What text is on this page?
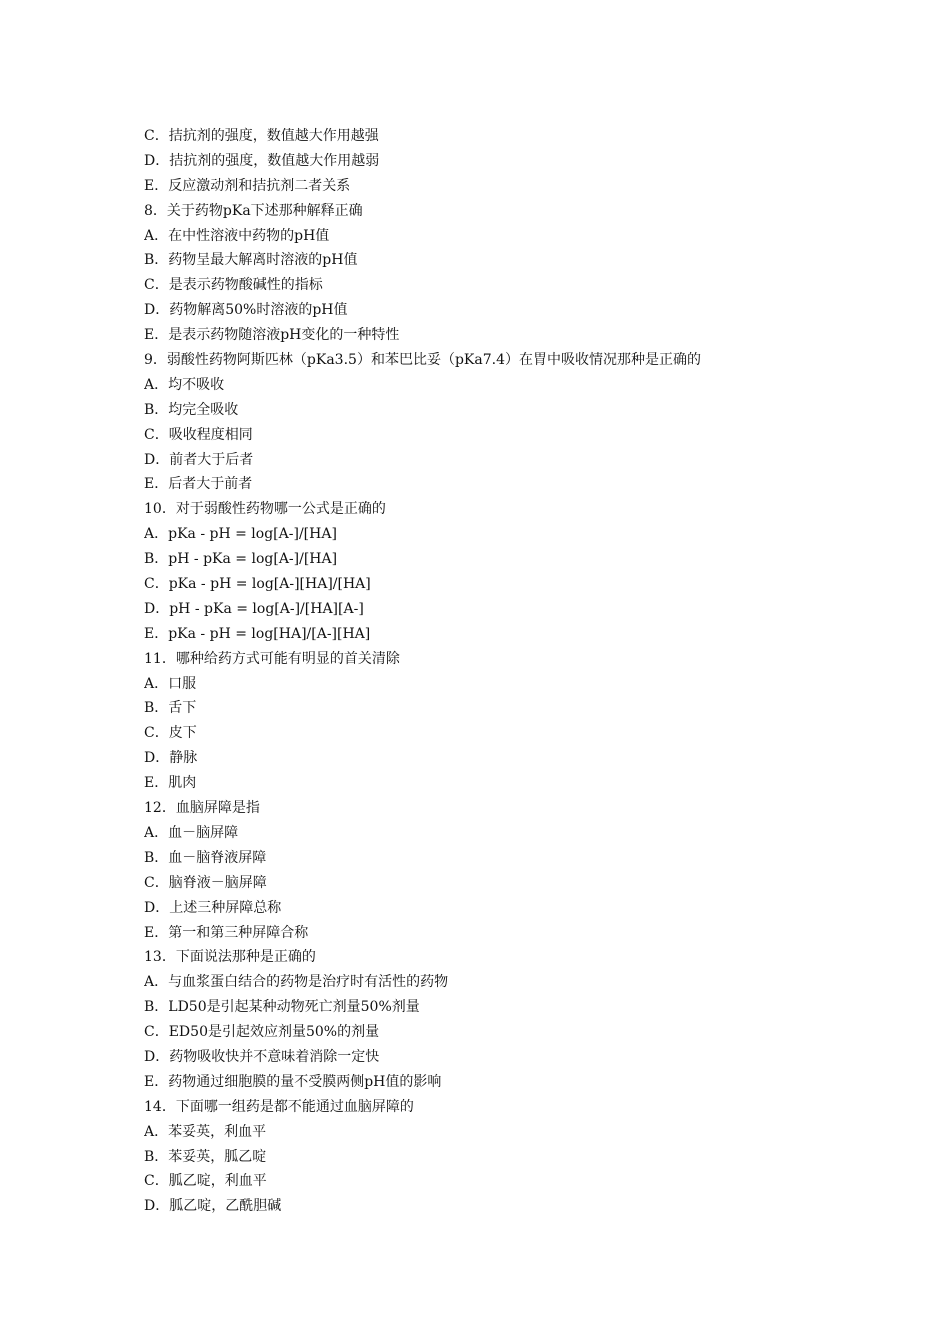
C．拮抗剂的强度，数值越大作用越强
D．拮抗剂的强度，数值越大作用越弱
E．反应激动剂和拮抗剂二者关系
8．关于药物pKa下述那种解释正确
A．在中性溶液中药物的pH值
B．药物呈最大解离时溶液的pH值
C．是表示药物酸碱性的指标
D．药物解离50%时溶液的pH值
E．是表示药物随溶液pH变化的一种特性
9．弱酸性药物阿斯匹林（pKa3.5）和苯巴比妥（pKa7.4）在胃中吸收情况那种是正确的
A．均不吸收
B．均完全吸收
C．吸收程度相同
D．前者大于后者
E．后者大于前者
10．对于弱酸性药物哪一公式是正确的
A．pKa - pH = log[A-]/[HA]
B．pH - pKa = log[A-]/[HA]
C．pKa - pH = log[A-][HA]/[HA]
D．pH - pKa = log[A-]/[HA][A-]
E．pKa - pH = log[HA]/[A-][HA]
11．哪种给药方式可能有明显的首关清除
A．口服
B．舌下
C．皮下
D．静脉
E．肌肉
12．血脑屏障是指
A．血－脑屏障
B．血－脑脊液屏障
C．脑脊液－脑屏障
D．上述三种屏障总称
E．第一和第三种屏障合称
13．下面说法那种是正确的
A．与血浆蛋白结合的药物是治疗时有活性的药物
B．LD50是引起某种动物死亡剂量50%剂量
C．ED50是引起效应剂量50%的剂量
D．药物吸收快并不意味着消除一定快
E．药物通过细胞膜的量不受膜两侧pH值的影响
14．下面哪一组药是都不能通过血脑屏障的
A．苯妥英，利血平
B．苯妥英，胍乙啶
C．胍乙啶，利血平
D．胍乙啶，乙酰胆碱
